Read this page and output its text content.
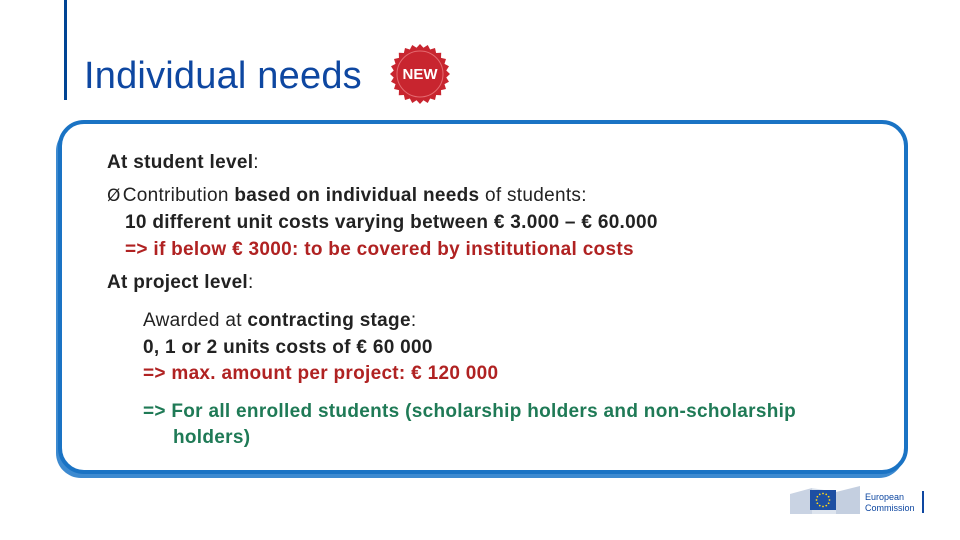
Individual needs	NEW
At student level:
Ø Contribution based on individual needs of students:
10 different unit costs varying between € 3.000 – € 60.000
=> if below € 3000: to be covered by institutional costs
At project level:
Awarded at contracting stage:
0, 1 or 2 units costs of € 60 000
=> max. amount per project: € 120 000
=> For all enrolled students (scholarship holders and non-scholarship
holders)
European
Commission
